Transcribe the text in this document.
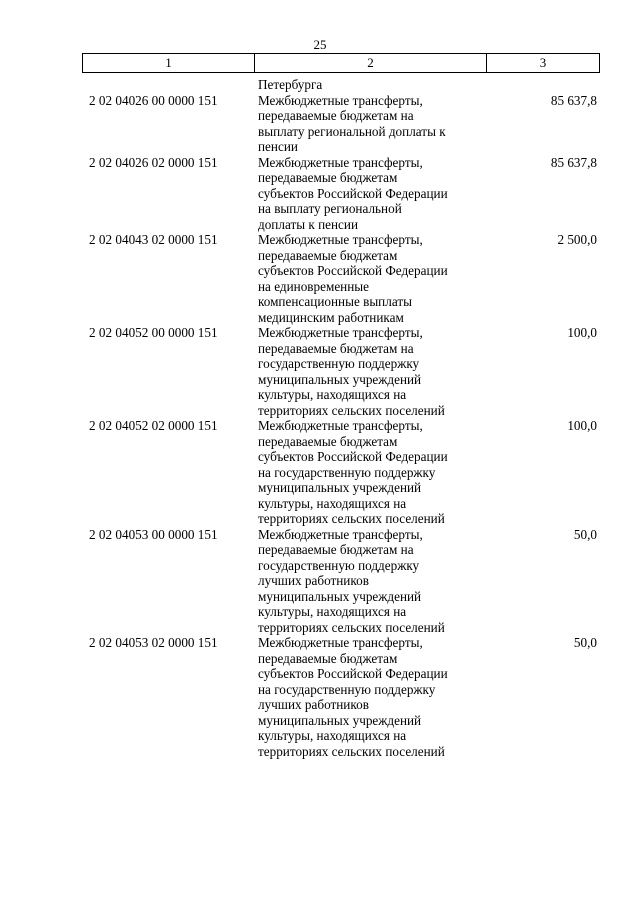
25
1	2	3
Петербурга
2 02 04026 00 0000 151	Межбюджетные трансферты,
передаваемые бюджетам на
выплату региональной доплаты к
пенсии
85 637,8
2 02 04026 02 0000 151	Межбюджетные трансферты,
передаваемые бюджетам
субъектов Российской Федерации
на выплату региональной
доплаты к пенсии
85 637,8
2 02 04043 02 0000 151	Межбюджетные трансферты,
передаваемые бюджетам
субъектов Российской Федерации
на единовременные
компенсационные выплаты
медицинским работникам
2 500,0
2 02 04052 00 0000 151	Межбюджетные трансферты,
передаваемые бюджетам на
государственную поддержку
муниципальных учреждений
культуры, находящихся на
территориях сельских поселений
100,0
2 02 04052 02 0000 151	Межбюджетные трансферты,
передаваемые бюджетам
субъектов Российской Федерации
на государственную поддержку
муниципальных учреждений
культуры, находящихся на
территориях сельских поселений
100,0
2 02 04053 00 0000 151	Межбюджетные трансферты,
передаваемые бюджетам на
государственную поддержку
лучших работников
муниципальных учреждений
культуры, находящихся на
территориях сельских поселений
50,0
2 02 04053 02 0000 151	Межбюджетные трансферты,
передаваемые бюджетам
субъектов Российской Федерации
на государственную поддержку
лучших работников
муниципальных учреждений
культуры, находящихся на
территориях сельских поселений
50,0
